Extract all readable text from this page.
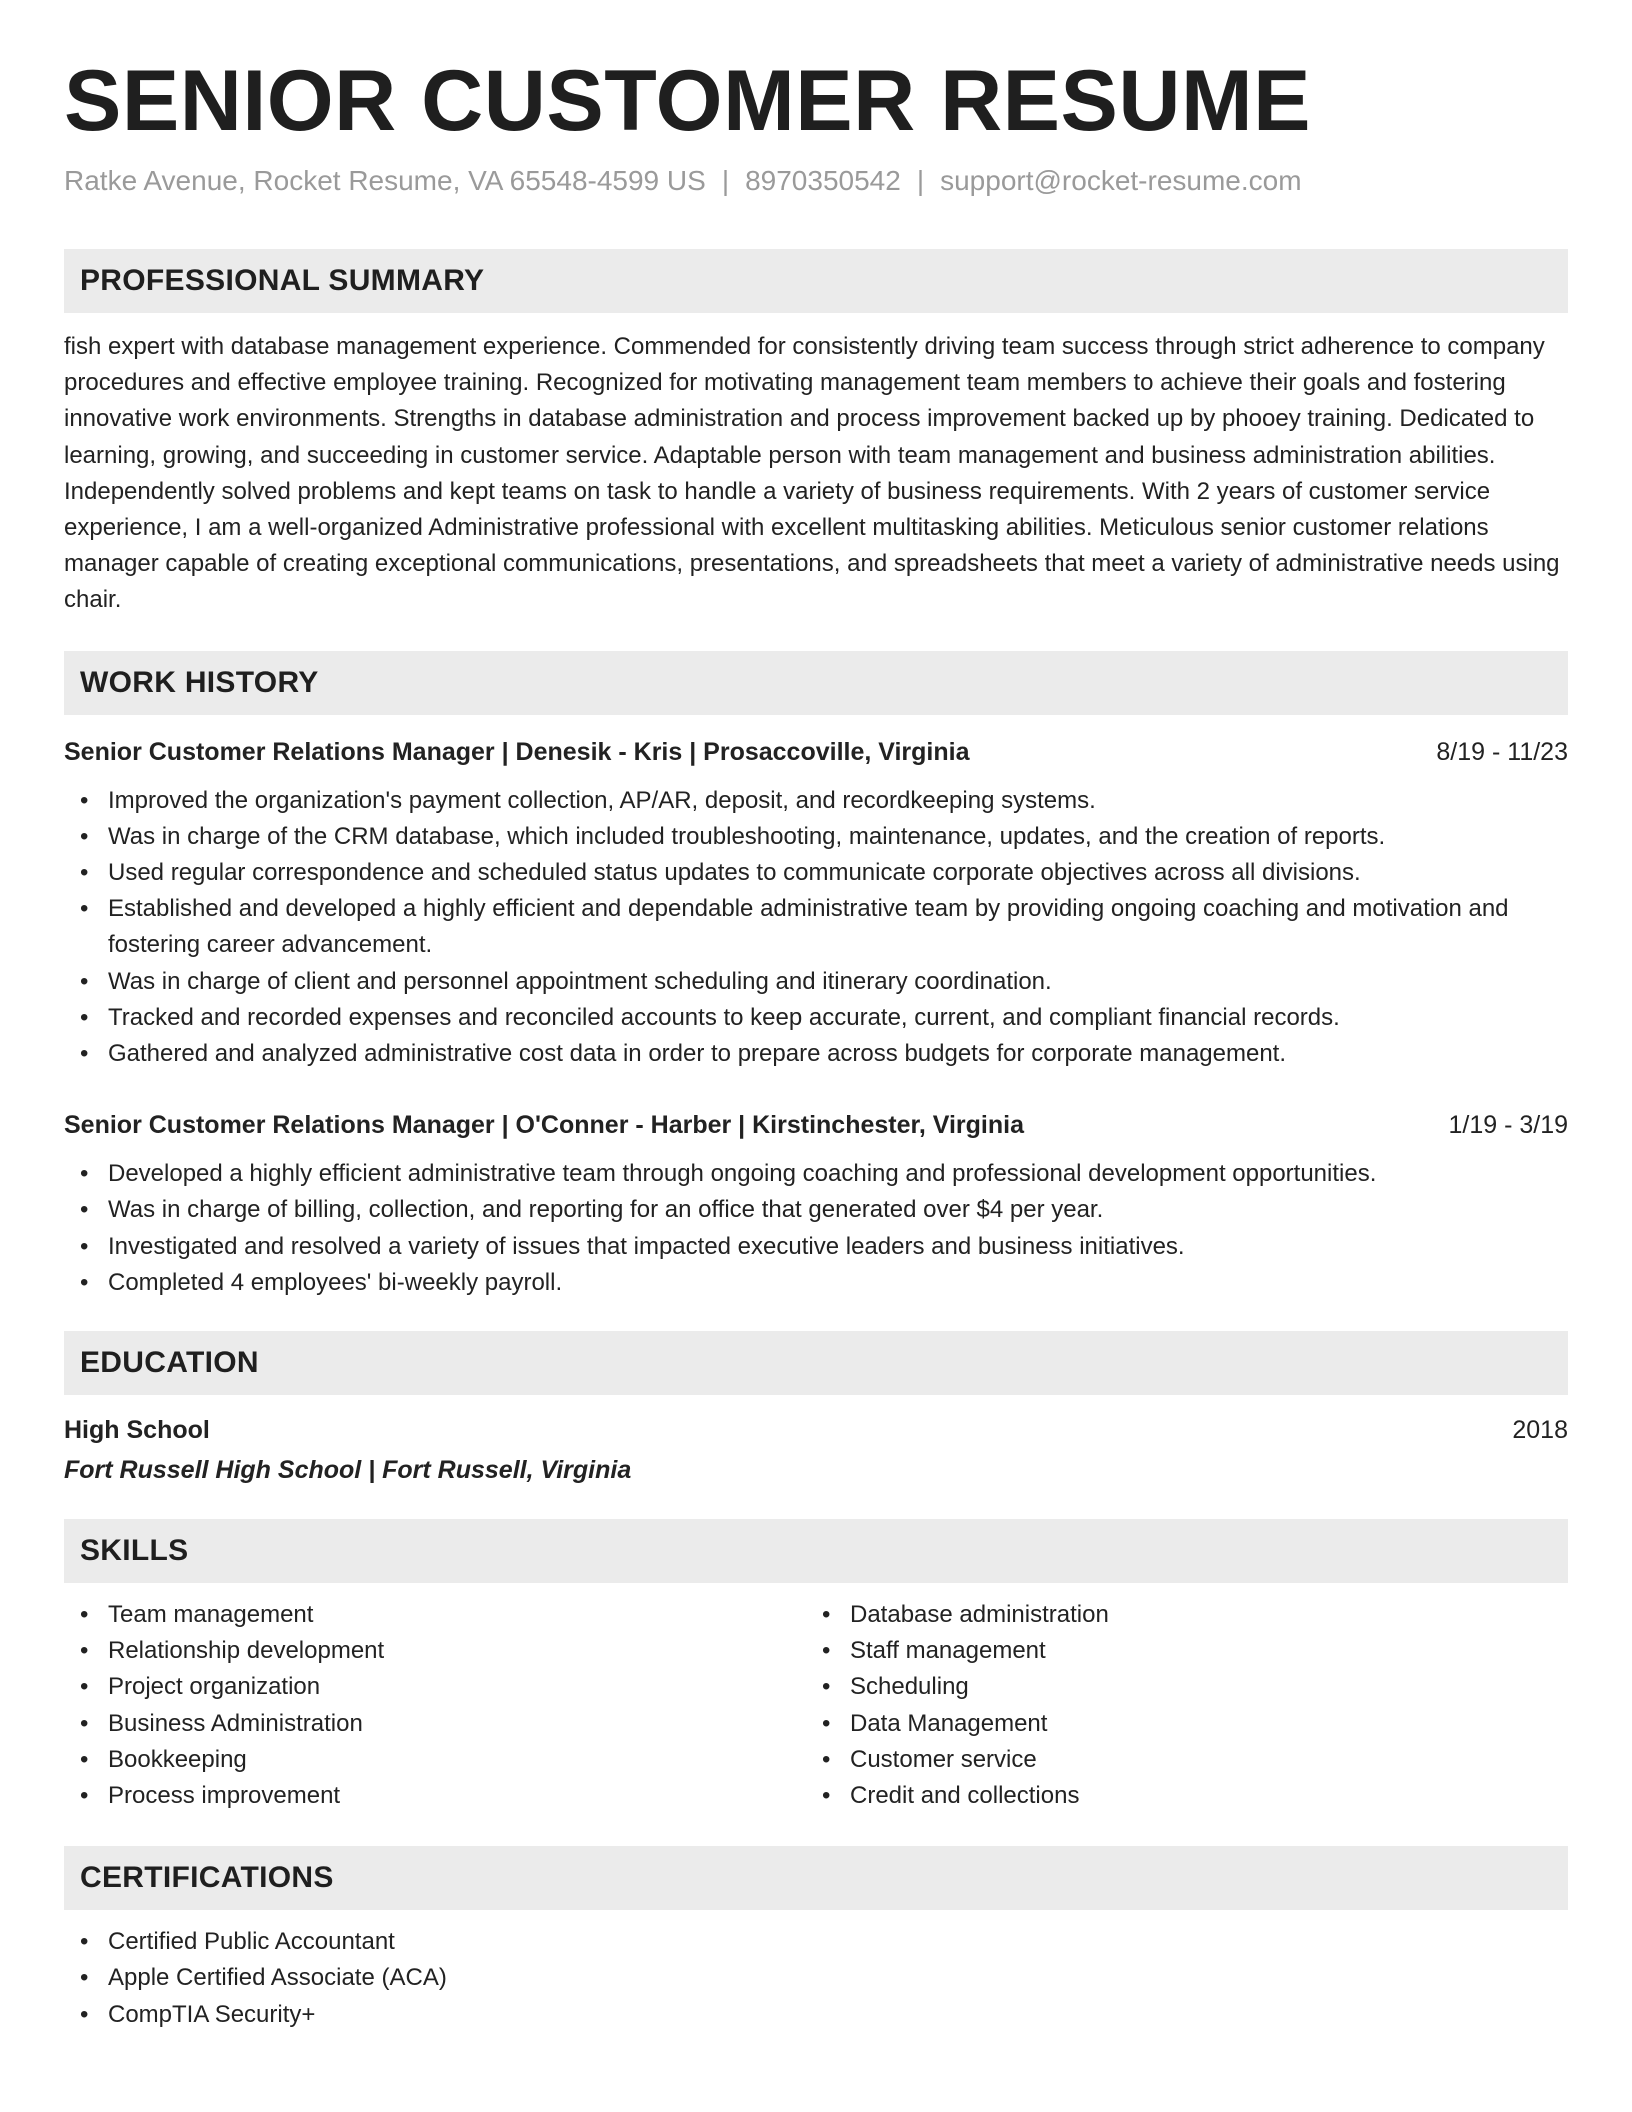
SENIOR CUSTOMER RESUME
Ratke Avenue, Rocket Resume, VA 65548-4599 US | 8970350542 | support@rocket-resume.com
PROFESSIONAL SUMMARY
fish expert with database management experience. Commended for consistently driving team success through strict adherence to company procedures and effective employee training. Recognized for motivating management team members to achieve their goals and fostering innovative work environments. Strengths in database administration and process improvement backed up by phooey training. Dedicated to learning, growing, and succeeding in customer service. Adaptable person with team management and business administration abilities. Independently solved problems and kept teams on task to handle a variety of business requirements. With 2 years of customer service experience, I am a well-organized Administrative professional with excellent multitasking abilities. Meticulous senior customer relations manager capable of creating exceptional communications, presentations, and spreadsheets that meet a variety of administrative needs using chair.
WORK HISTORY
Senior Customer Relations Manager | Denesik - Kris | Prosaccoville, Virginia	8/19 - 11/23
• Improved the organization's payment collection, AP/AR, deposit, and recordkeeping systems.
• Was in charge of the CRM database, which included troubleshooting, maintenance, updates, and the creation of reports.
• Used regular correspondence and scheduled status updates to communicate corporate objectives across all divisions.
• Established and developed a highly efficient and dependable administrative team by providing ongoing coaching and motivation and fostering career advancement.
• Was in charge of client and personnel appointment scheduling and itinerary coordination.
• Tracked and recorded expenses and reconciled accounts to keep accurate, current, and compliant financial records.
• Gathered and analyzed administrative cost data in order to prepare across budgets for corporate management.
Senior Customer Relations Manager | O'Conner - Harber | Kirstinchester, Virginia	1/19 - 3/19
• Developed a highly efficient administrative team through ongoing coaching and professional development opportunities.
• Was in charge of billing, collection, and reporting for an office that generated over $4 per year.
• Investigated and resolved a variety of issues that impacted executive leaders and business initiatives.
• Completed 4 employees' bi-weekly payroll.
EDUCATION
High School	2018
Fort Russell High School | Fort Russell, Virginia
SKILLS
• Team management
• Relationship development
• Project organization
• Business Administration
• Bookkeeping
• Process improvement
• Database administration
• Staff management
• Scheduling
• Data Management
• Customer service
• Credit and collections
CERTIFICATIONS
• Certified Public Accountant
• Apple Certified Associate (ACA)
• CompTIA Security+
